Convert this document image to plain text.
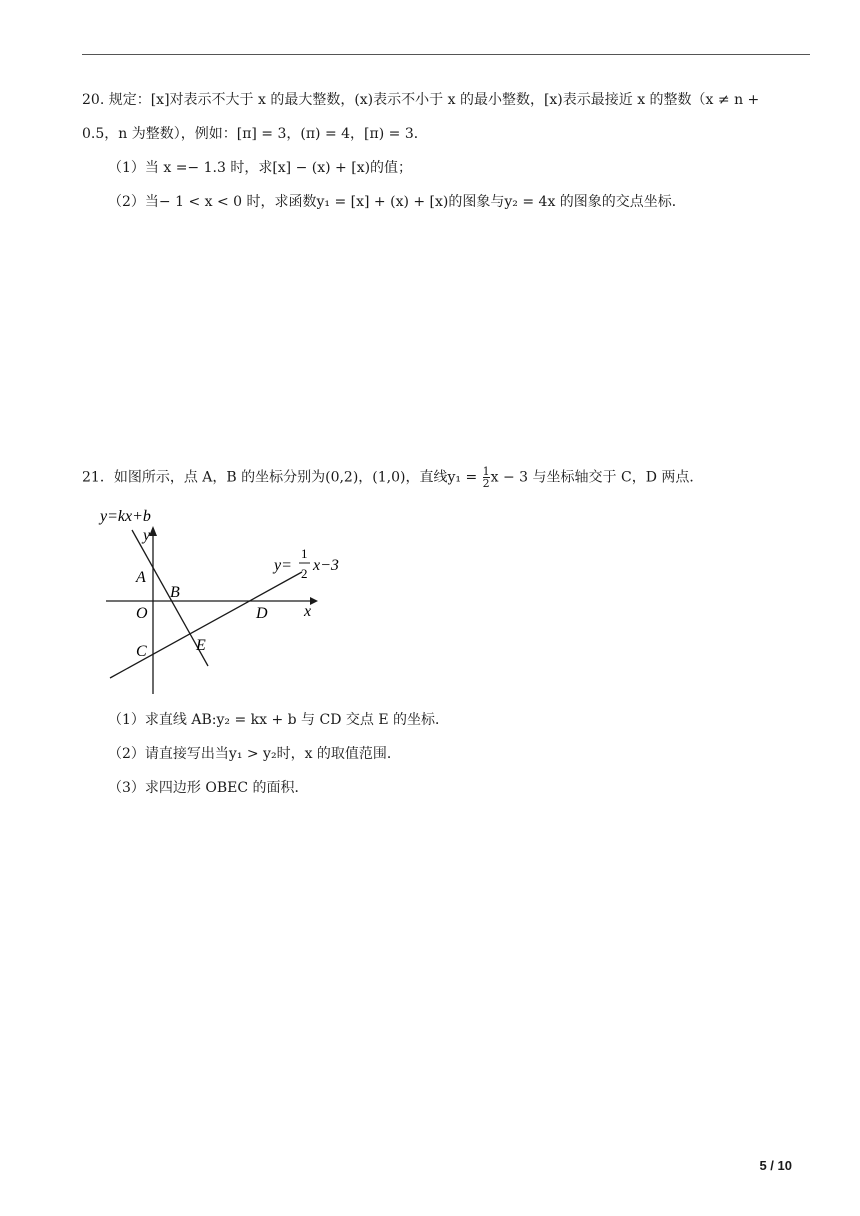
20. 规定：[x]对表示不大于 x 的最大整数，(x)表示不小于 x 的最小整数，[x)表示最接近 x 的整数（x ≠ n +
0.5，n 为整数），例如：[π] = 3，(π) = 4，[π) = 3．
（1）当 x =− 1.3 时，求[x] − (x) + [x)的值；
（2）当− 1 < x < 0 时，求函数y₁ = [x] + (x) + [x)的图象与y₂ = 4x 的图象的交点坐标．
21．如图所示，点 A，B 的坐标分别为(0,2)，(1,0)，直线$y_1 = \frac{1}{2}$ x − 3 与坐标轴交于 C，D 两点．
y=kx+b
y
x
A
B
O	D
E
C
y=
1
2 x−3
（1）求直线 AB:y₂ = kx + b 与 CD 交点 E 的坐标．
（2）请直接写出当y₁ > y₂时，x 的取值范围．
（3）求四边形 OBEC 的面积．
5 / 10
